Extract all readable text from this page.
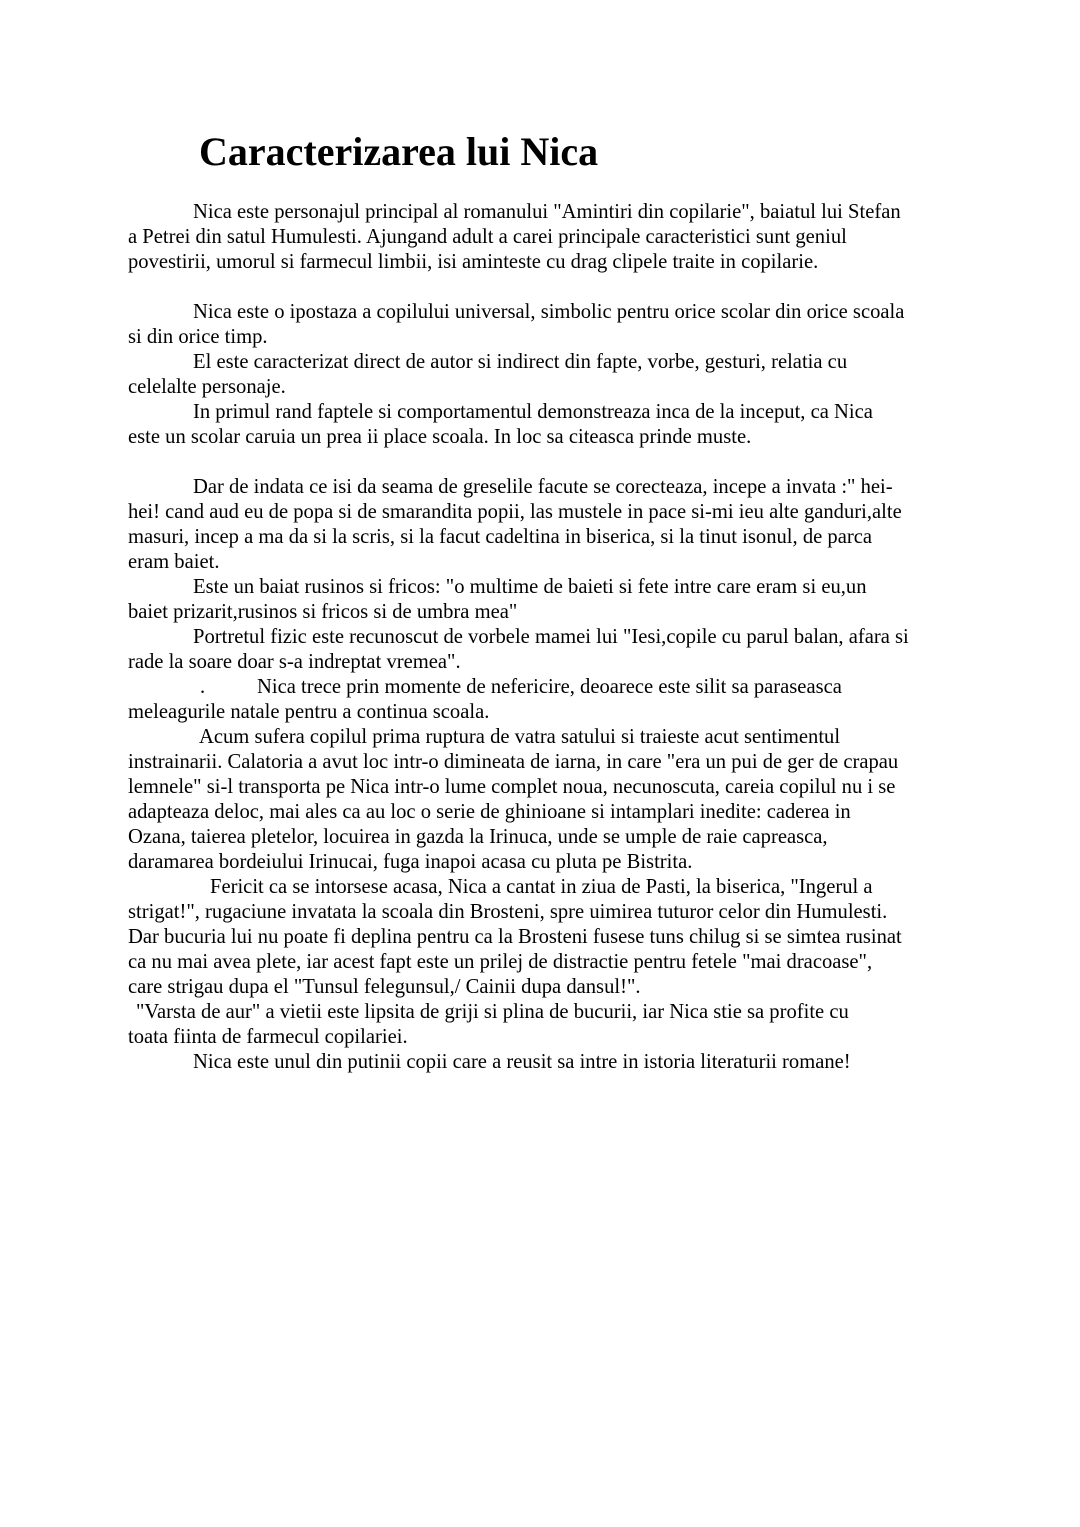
Caracterizarea lui Nica
Nica este personajul principal al romanului "Amintiri din copilarie", baiatul lui Stefan
a Petrei din satul Humulesti. Ajungand adult a carei principale caracteristici sunt geniul
povestirii, umorul si farmecul limbii, isi aminteste cu drag clipele traite in copilarie.
Nica este o ipostaza a copilului universal, simbolic pentru orice scolar din orice scoala
si din orice timp.
El este caracterizat direct de autor si indirect din fapte, vorbe, gesturi, relatia cu
celelalte personaje.
In primul rand faptele si comportamentul demonstreaza inca de la inceput, ca Nica
este un scolar caruia un prea ii place scoala. In loc sa citeasca prinde muste.
Dar de indata ce isi da seama de greselile facute se corecteaza, incepe a invata :" hei-
hei! cand aud eu de popa si de smarandita popii, las mustele in pace si-mi ieu alte ganduri,alte
masuri, incep a ma da si la scris, si la facut cadeltina in biserica, si la tinut isonul, de parca
eram baiet.
Este un baiat rusinos si fricos: "o multime de baieti si fete intre care eram si eu,un
baiet prizarit,rusinos si fricos si de umbra mea"
Portretul fizic este recunoscut de vorbele mamei lui "Iesi,copile cu parul balan, afara si
rade la soare doar s-a indreptat vremea".
.	Nica trece prin momente de nefericire, deoarece este silit sa paraseasca
meleagurile natale pentru a continua scoala.
Acum sufera copilul prima ruptura de vatra satului si traieste acut sentimentul
instrainarii. Calatoria a avut loc intr-o dimineata de iarna, in care "era un pui de ger de crapau
lemnele" si-l transporta pe Nica intr-o lume complet noua, necunoscuta, careia copilul nu i se
adapteaza deloc, mai ales ca au loc o serie de ghinioane si intamplari inedite: caderea in
Ozana, taierea pletelor, locuirea in gazda la Irinuca, unde se umple de raie capreasca,
daramarea bordeiului Irinucai, fuga inapoi acasa cu pluta pe Bistrita.
Fericit ca se intorsese acasa, Nica a cantat in ziua de Pasti, la biserica, "Ingerul a
strigat!", rugaciune invatata la scoala din Brosteni, spre uimirea tuturor celor din Humulesti.
Dar bucuria lui nu poate fi deplina pentru ca la Brosteni fusese tuns chilug si se simtea rusinat
ca nu mai avea plete, iar acest fapt este un prilej de distractie pentru fetele "mai dracoase",
care strigau dupa el "Tunsul felegunsul,/ Cainii dupa dansul!".
"Varsta de aur" a vietii este lipsita de griji si plina de bucurii, iar Nica stie sa profite cu
toata fiinta de farmecul copilariei.
Nica este unul din putinii copii care a reusit sa intre in istoria literaturii romane!
